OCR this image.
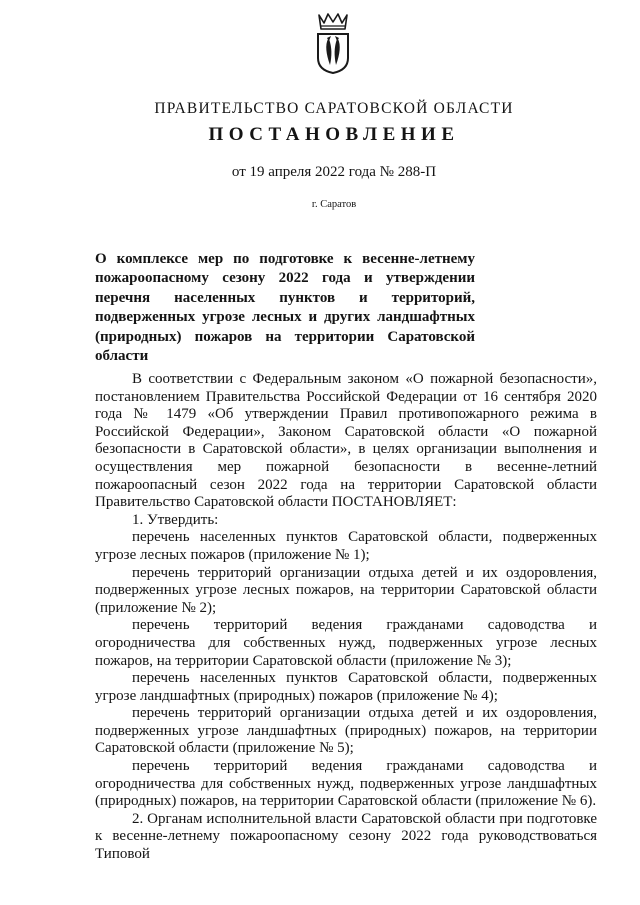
ПРАВИТЕЛЬСТВО САРАТОВСКОЙ ОБЛАСТИ
ПОСТАНОВЛЕНИЕ
от 19 апреля 2022 года № 288-П
г. Саратов
О комплексе мер по подготовке к весенне-летнему пожароопасному сезону 2022 года и утверждении перечня населенных пунктов и территорий, подверженных угрозе лесных и других ландшафтных (природных) пожаров на территории Саратовской области

В соответствии с Федеральным законом «О пожарной безопасности», постановлением Правительства Российской Федерации от 16 сентября 2020 года № 1479 «Об утверждении Правил противопожарного режима в Российской Федерации», Законом Саратовской области «О пожарной безопасности в Саратовской области», в целях организации выполнения и осуществления мер пожарной безопасности в весенне-летний пожароопасный сезон 2022 года на территории Саратовской области Правительство Саратовской области ПОСТАНОВЛЯЕТ:

1. Утвердить:

перечень населенных пунктов Саратовской области, подверженных угрозе лесных пожаров (приложение № 1);

перечень территорий организации отдыха детей и их оздоровления, подверженных угрозе лесных пожаров, на территории Саратовской области (приложение № 2);

перечень территорий ведения гражданами садоводства и огородничества для собственных нужд, подверженных угрозе лесных пожаров, на территории Саратовской области (приложение № 3);

перечень населенных пунктов Саратовской области, подверженных угрозе ландшафтных (природных) пожаров (приложение № 4);

перечень территорий организации отдыха детей и их оздоровления, подверженных угрозе ландшафтных (природных) пожаров, на территории Саратовской области (приложение № 5);

перечень территорий ведения гражданами садоводства и огородничества для собственных нужд, подверженных угрозе ландшафтных (природных) пожаров, на территории Саратовской области (приложение № 6).

2. Органам исполнительной власти Саратовской области при подготовке к весенне-летнему пожароопасному сезону 2022 года руководствоваться Типовой
